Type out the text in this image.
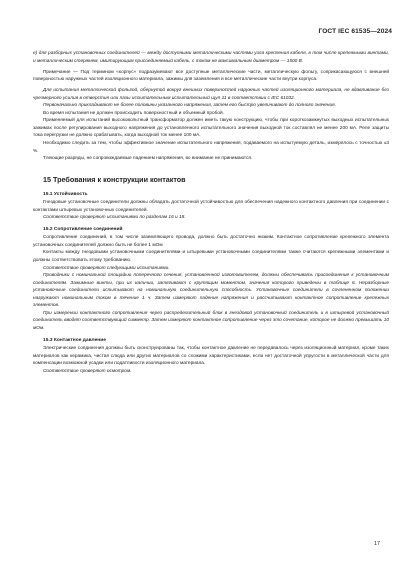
ГОСТ IEC 61535—2024

e) для разборных установочных соединителей — между доступными металлическими частями узла крепления кабеля, в том числе крепежными винтами, и металлическим стержнем, имитирующим присоединяемый кабель, с током не максимальным диаметром — 1500 В.

Примечание — Под термином «корпус» подразумевают все доступные металлические части, металлическую фольгу, соприкасающуюся с внешней поверхностью наружных частей изоляционного материала, зажимы для заземления и все металлические части внутри корпуса.

Для испытания металлической фольгой, обернутой вокруг внешних поверхностей наружных частей изоляционного материала, не вдавливание без чрезмерного усилия в отверстия или пазы испытательным испытательный щуп 11 в соответствии с IEC 61032.

Первоначально прикладывают не более половины указанного напряжения, затем его быстро увеличивают до полного значения.

Во время испытания не должен происходить поверхностный и объемный пробой.

Применяемый для испытаний высоковольтный трансформатор должен иметь такую конструкцию, чтобы при короткозамкнутых выходных испытательных зажимах после регулирования выходного напряжения до установленного испытательного значения выходной ток составлял не менее 200 мА. Реле защиты тока перегрузки не должно срабатывать, когда выходной ток менее 100 мА.

Необходимо следить за тем, чтобы эффективное значение испытательного напряжения, подаваемого на испытуемую деталь, измерялось с точностью ±3 %.

Тлеющие разряды, не сопровождаемые падением напряжения, во внимание не принимаются.

15 Требования к конструкции контактов

15.1 Устойчивость

Гнездовые установочные соединители должны обладать достаточной устойчивостью для обеспечения надежного контактного давления при соединении с контактами штыревых установочных соединителей.

Соответствие проверяют испытаниями по разделам 16 и 18.

15.2 Сопротивление соединений

Сопротивление соединений, в том числе заземляющего провода, должно быть достаточно низким. Контактное сопротивление крепежного элемента установочных соединителей должно быть не более 1 мОм

Контакты между гнездовыми установочными соединителями и штыревыми установочными соединителями также считаются крепежными элементами и должны соответствовать этому требованию.

Соответствие проверяют следующими испытаниями.

Проводники с номинальной площадью поперечного сечения, установленной изготовителем, должны обеспечивать присоединение к установочным соединителям. Зажимные винты, при их наличии, затягивают с крутящим моментом, значения которого приведены в таблице 6. Неразборные установочные соединители испытывают на номинальную соединительную способность. Установочные соединители в сочлененном положении нагружают номинальным током в течение 1 ч. Затем измеряют падение напряжения и рассчитывают контактное сопротивление крепежных элементов.

При измерении контактного сопротивления через распределительный блок в гнездовой установочный соединитель и в штыревой установочный соединитель вводят соответствующий симметр. Затем измеряют контактное сопротивление через это сочетание, которое не должно превышать 10 мОм.

15.3 Контактное давление

Электрические соединения должны быть сконструированы так, чтобы контактное давление не передавалось через изоляционный материал, кроме таких материалов как керамика, чистая слюда или других материалов со схожими характеристиками, если нет достаточной упругости в металлической части для компенсации возможной усадки или податливости изоляционного материала.

Соответствие проверяют осмотром.

17
